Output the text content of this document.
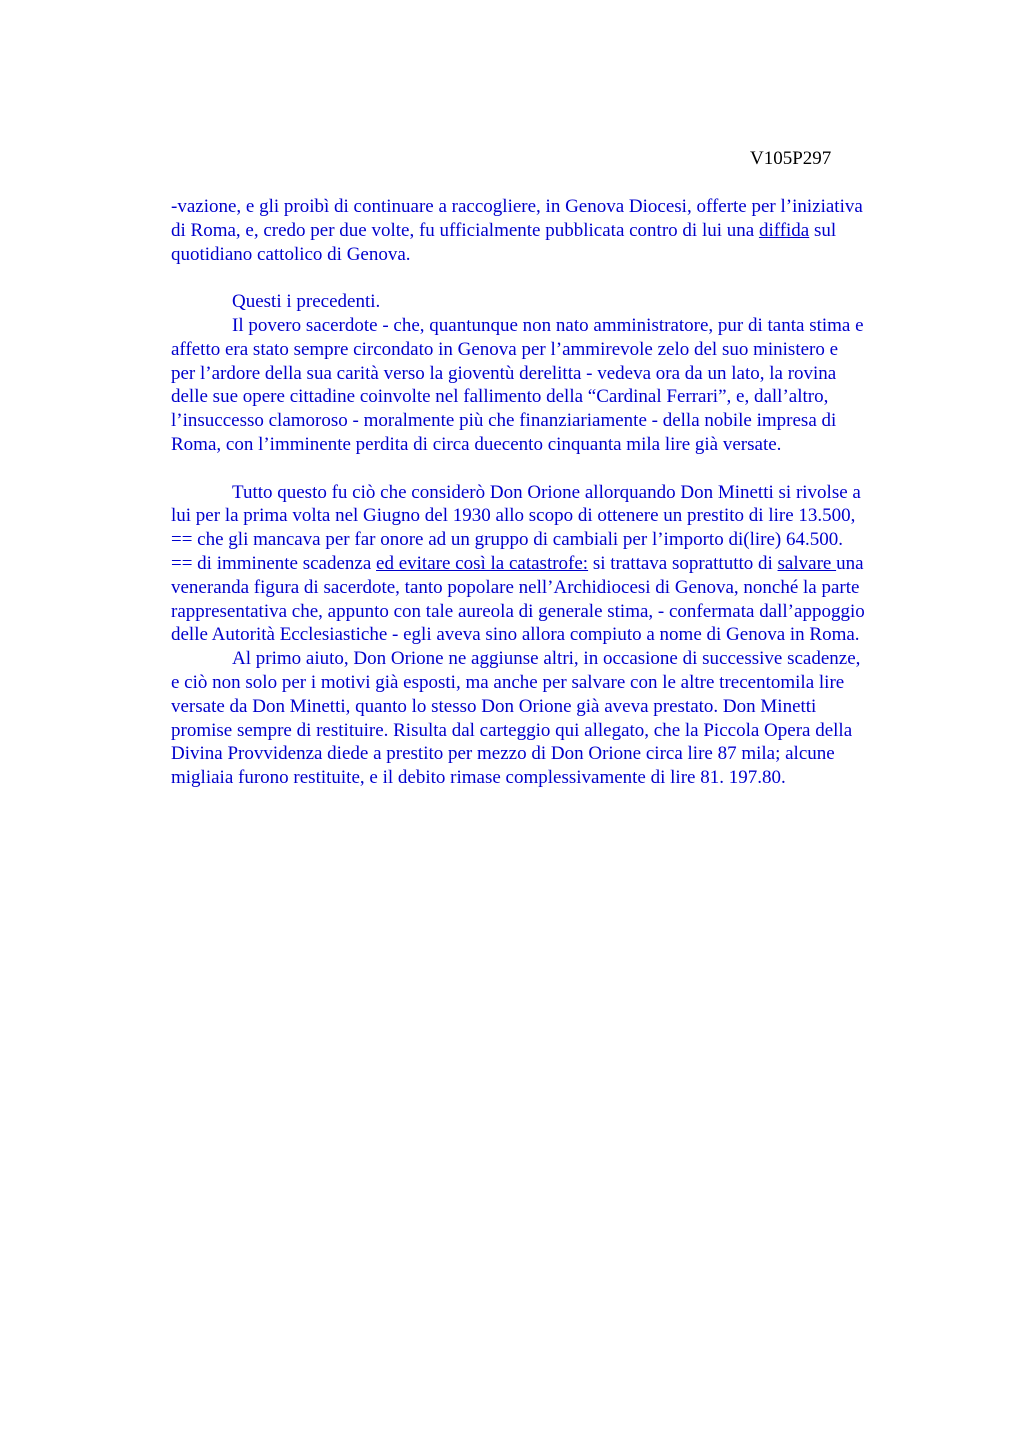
V105P297
-vazione, e gli proibì di continuare a raccogliere, in Genova Diocesi, offerte per l’iniziativa
di Roma, e, credo per due volte, fu ufficialmente pubblicata contro di lui una diffida sul
quotidiano cattolico di Genova.
Questi i precedenti.
Il povero sacerdote - che, quantunque non nato amministratore, pur di tanta stima e
affetto era stato sempre circondato in Genova per l’ammirevole zelo del suo ministero e
per l’ardore della sua carità verso la gioventù derelitta - vedeva ora da un lato, la rovina
delle sue opere cittadine coinvolte nel fallimento della “Cardinal Ferrari”, e, dall’altro,
l’insuccesso clamoroso - moralmente più che finanziariamente - della nobile impresa di
Roma, con l’imminente perdita di circa duecento cinquanta mila lire già versate.
Tutto questo fu ciò che considerò Don Orione allorquando Don Minetti si rivolse a
lui per la prima volta nel Giugno del 1930 allo scopo di ottenere un prestito di lire 13.500,
== che gli mancava per far onore ad un gruppo di cambiali per l’importo di(lire) 64.500.
== di imminente scadenza ed evitare così la catastrofe: si trattava soprattutto di salvare una
veneranda figura di sacerdote, tanto popolare nell’Archidiocesi di Genova, nonché la parte
rappresentativa che, appunto con tale aureola di generale stima, - confermata dall’appoggio
delle Autorità Ecclesiastiche - egli aveva sino allora compiuto a nome di Genova in Roma.
Al primo aiuto, Don Orione ne aggiunse altri, in occasione di successive scadenze,
e ciò non solo per i motivi già esposti, ma anche per salvare con le altre trecentomila lire
versate da Don Minetti, quanto lo stesso Don Orione già aveva prestato. Don Minetti
promise sempre di restituire. Risulta dal carteggio qui allegato, che la Piccola Opera della
Divina Provvidenza diede a prestito per mezzo di Don Orione circa lire 87 mila; alcune
migliaia furono restituite, e il debito rimase complessivamente di lire 81. 197.80.
